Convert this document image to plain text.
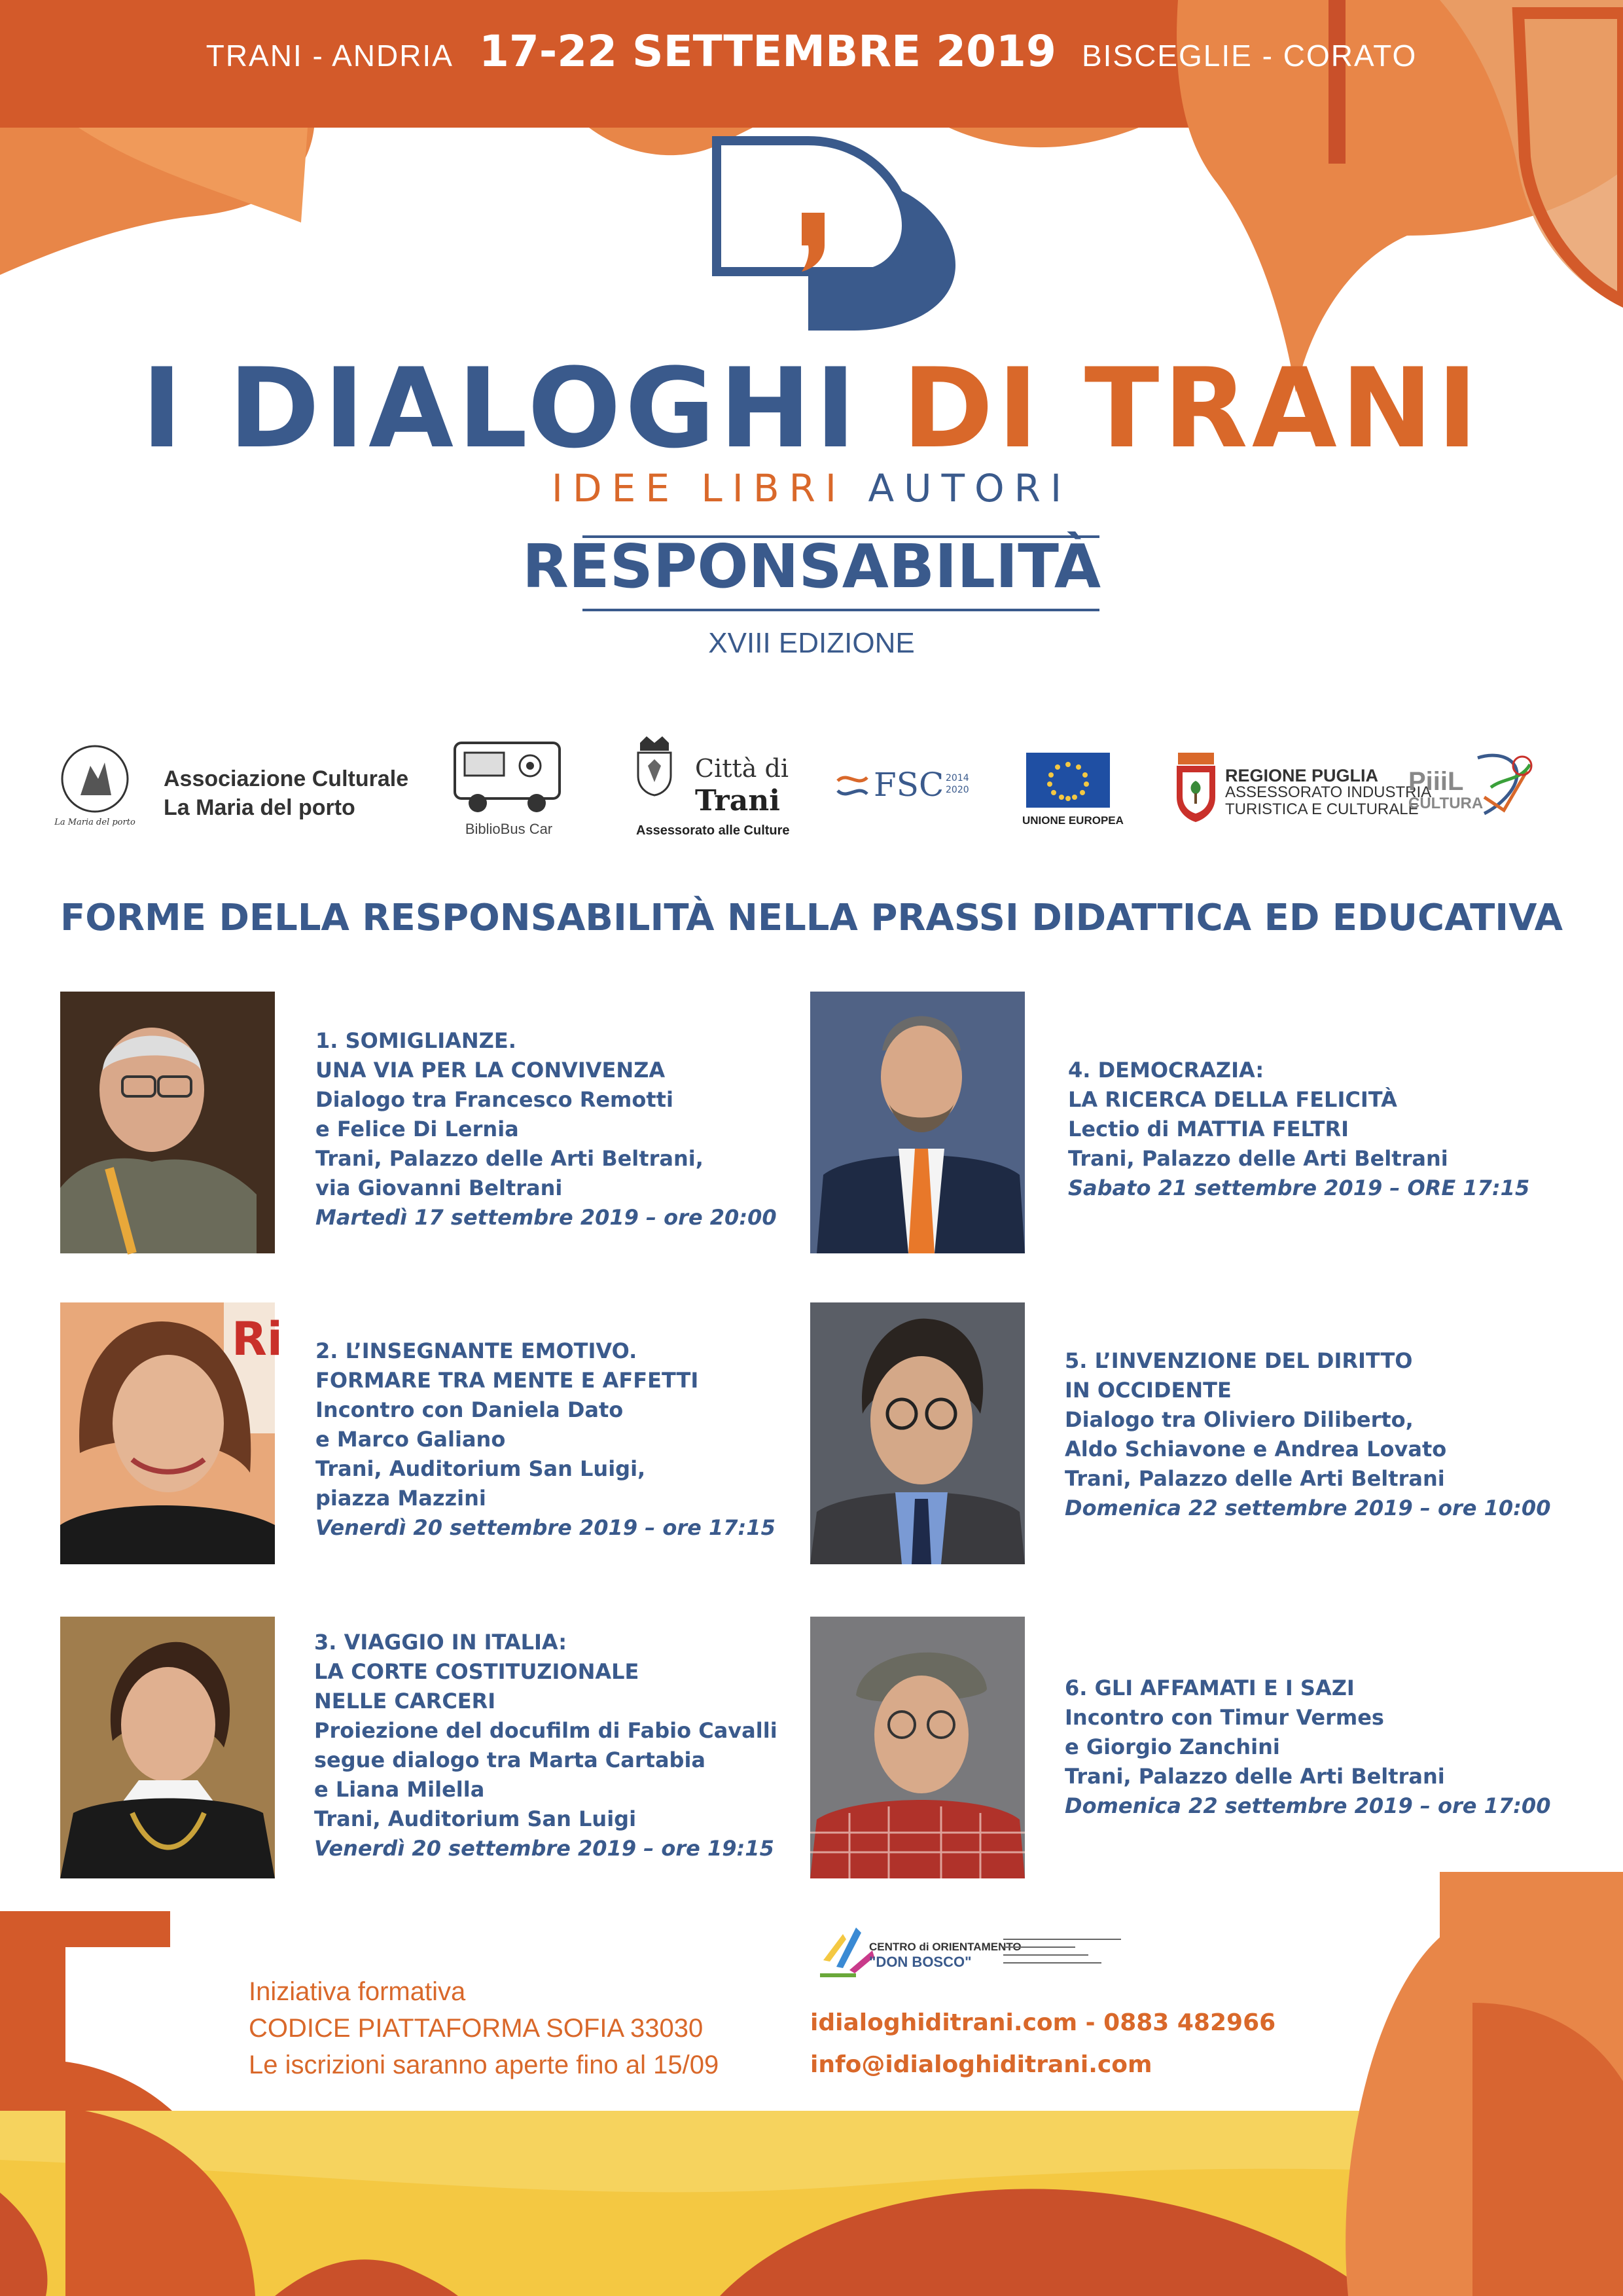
TRANI - ANDRIA 17-22 SETTEMBRE 2019 BISCEGLIE - CORATO
I DIALOGHI DI TRANI
IDEE LIBRI AUTORI
RESPONSABILITÀ
XVIII EDIZIONE
La Maria del porto
Associazione Culturale
La Maria del porto
BiblioBus Car
Città di
Trani
Assessorato alle Culture
FSC 2014 2020
UNIONE EUROPEA
REGIONE PUGLIA
ASSESSORATO INDUSTRIA
TURISTICA E CULTURALE
PiiiL
CULTURA
FORME DELLA RESPONSABILITÀ NELLA PRASSI DIDATTICA ED EDUCATIVA
Ri
1. SOMIGLIANZE.
UNA VIA PER LA CONVIVENZA
Dialogo tra Francesco Remotti
e Felice Di Lernia
Trani, Palazzo delle Arti Beltrani,
via Giovanni Beltrani
Martedì 17 settembre 2019 – ore 20:00
2. L’INSEGNANTE EMOTIVO.
FORMARE TRA MENTE E AFFETTI
Incontro con Daniela Dato
e Marco Galiano
Trani, Auditorium San Luigi,
piazza Mazzini
Venerdì 20 settembre 2019 – ore 17:15
3. VIAGGIO IN ITALIA:
LA CORTE COSTITUZIONALE
NELLE CARCERI
Proiezione del docufilm di Fabio Cavalli
segue dialogo tra Marta Cartabia
e Liana Milella
Trani, Auditorium San Luigi
Venerdì 20 settembre 2019 – ore 19:15
4. DEMOCRAZIA:
LA RICERCA DELLA FELICITÀ
Lectio di MATTIA FELTRI
Trani, Palazzo delle Arti Beltrani
Sabato 21 settembre 2019 – ORE 17:15
5. L’INVENZIONE DEL DIRITTO
IN OCCIDENTE
Dialogo tra Oliviero Diliberto,
Aldo Schiavone e Andrea Lovato
Trani, Palazzo delle Arti Beltrani
Domenica 22 settembre 2019 – ore 10:00
6. GLI AFFAMATI E I SAZI
Incontro con Timur Vermes
e Giorgio Zanchini
Trani, Palazzo delle Arti Beltrani
Domenica 22 settembre 2019 – ore 17:00
Iniziativa formativa
CODICE PIATTAFORMA SOFIA 33030
Le iscrizioni saranno aperte fino al 15/09
CENTRO di ORIENTAMENTO
"DON BOSCO"
idialoghiditrani.com - 0883 482966
info@idialoghiditrani.com
